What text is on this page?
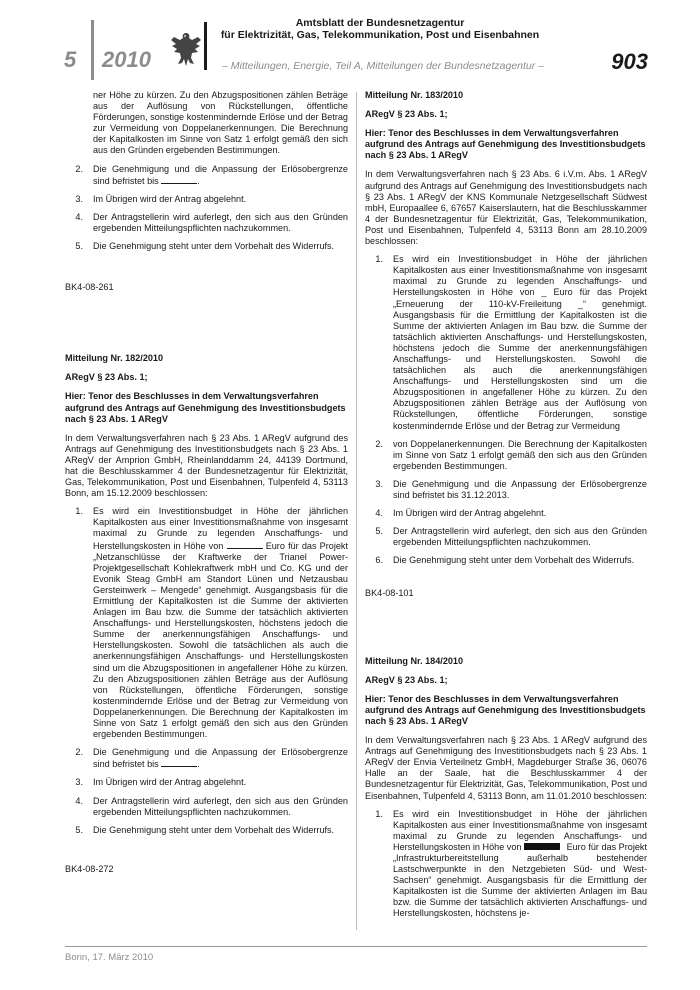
5 2010
Amtsblatt der Bundesnetzagentur
für Elektrizität, Gas, Telekommunikation, Post und Eisenbahnen
– Mitteilungen, Energie, Teil A, Mitteilungen der Bundesnetzagentur –	903

ner Höhe zu kürzen. Zu den Abzugspositionen zählen Beträge aus der Auflösung von Rückstellungen, öffentliche Förderungen, sonstige kostenmindernde Erlöse und der Betrag zur Vermeidung von Doppelanerkennungen. Die Berechnung der Kapitalkosten im Sinne von Satz 1 erfolgt gemäß den sich aus den Gründen ergebenden Bestimmungen.

2. Die Genehmigung und die Anpassung der Erlösobergrenze sind befristet bis	.
3. Im Übrigen wird der Antrag abgelehnt.
4. Der Antragstellerin wird auferlegt, den sich aus den Gründen ergebenden Mitteilungspflichten nachzukommen.
5. Die Genehmigung steht unter dem Vorbehalt des Widerrufs.

BK4-08-261

Mitteilung Nr. 182/2010

ARegV § 23 Abs. 1;

Hier: Tenor des Beschlusses in dem Verwaltungsverfahren aufgrund des Antrags auf Genehmigung des Investitionsbudgets nach § 23 Abs. 1 ARegV

In dem Verwaltungsverfahren nach § 23 Abs. 1 ARegV aufgrund des Antrags auf Genehmigung des Investitionsbudgets nach § 23 Abs. 1 ARegV der Amprion GmbH, Rheinlanddamm 24, 44139 Dortmund, hat die Beschlusskammer 4 der Bundesnetzagentur für Elektrizität, Gas, Telekommunikation, Post und Eisenbahnen, Tulpenfeld 4, 53113 Bonn, am 15.12.2009 beschlossen:

1. Es wird ein Investitionsbudget in Höhe der jährlichen Kapitalkosten aus einer Investitionsmaßnahme von insgesamt maximal zu Grunde zu legenden Anschaffungs- und Herstellungskosten in Höhe von	Euro für das Projekt „Netzanschlüsse der Kraftwerke der Trianel Power-Projektgesellschaft Kohlekraftwerk mbH und Co. KG und der Evonik Steag GmbH am Standort Lünen und Netzausbau Gersteinwerk – Mengede“ genehmigt. Ausgangsbasis für die Ermittlung der Kapitalkosten ist die Summe der aktivierten Anlagen im Bau bzw. die Summe der tatsächlich aktivierten Anschaffungs- und Herstellungskosten, höchstens jedoch die Summe der anerkennungsfähigen Anschaffungs- und Herstellungskosten. Sowohl die tatsächlichen als auch die anerkennungsfähigen Anschaffungs- und Herstellungskosten sind um die Abzugspositionen in angefallener Höhe zu kürzen. Zu den Abzugspositionen zählen Beträge aus der Auflösung von Rückstellungen, öffentliche Förderungen, sonstige kostenmindernde Erlöse und der Betrag zur Vermeidung von Doppelanerkennungen. Die Berechnung der Kapitalkosten im Sinne von Satz 1 erfolgt gemäß den sich aus den Gründen ergebenden Bestimmungen.
2. Die Genehmigung und die Anpassung der Erlösobergrenze sind befristet bis	.
3. Im Übrigen wird der Antrag abgelehnt.
4. Der Antragstellerin wird auferlegt, den sich aus den Gründen ergebenden Mitteilungspflichten nachzukommen.
5. Die Genehmigung steht unter dem Vorbehalt des Widerrufs.

BK4-08-272

Mitteilung Nr. 183/2010

ARegV § 23 Abs. 1;

Hier: Tenor des Beschlusses in dem Verwaltungsverfahren aufgrund des Antrags auf Genehmigung des Investitionsbudgets nach § 23 Abs. 1 ARegV

In dem Verwaltungsverfahren nach § 23 Abs. 6 i.V.m. Abs. 1 ARegV aufgrund des Antrags auf Genehmigung des Investitionsbudgets nach § 23 Abs. 1 ARegV der KNS Kommunale Netzgesellschaft Südwest mbH, Europaallee 6, 67657 Kaiserslautern, hat die Beschlusskammer 4 der Bundesnetzagentur für Elektrizität, Gas, Telekommunikation, Post und Eisenbahnen, Tulpenfeld 4, 53113 Bonn am 28.10.2009 beschlossen:

1. Es wird ein Investitionsbudget in Höhe der jährlichen Kapitalkosten aus einer Investitionsmaßnahme von insgesamt maximal zu Grunde zu legenden Anschaffungs- und Herstellungskosten in Höhe von _ Euro für das Projekt „Erneuerung der 110-kV-Freileitung _“ genehmigt. Ausgangsbasis für die Ermittlung der Kapitalkosten ist die Summe der aktivierten Anlagen im Bau bzw. die Summe der tatsächlich aktivierten Anschaffungs- und Herstellungskosten, höchstens jedoch die Summe der anerkennungsfähigen Anschaffungs- und Herstellungskosten. Sowohl die tatsächlichen als auch die anerkennungsfähigen Anschaffungs- und Herstellungskosten sind um die Abzugspositionen in angefallener Höhe zu kürzen. Zu den Abzugspositionen zählen Beträge aus der Auflösung von Rückstellungen, öffentliche Förderungen, sonstige kostenmindernde Erlöse und der Betrag zur Vermeidung
2. von Doppelanerkennungen. Die Berechnung der Kapitalkosten im Sinne von Satz 1 erfolgt gemäß den sich aus den Gründen ergebenden Bestimmungen.
3. Die Genehmigung und die Anpassung der Erlösobergrenze sind befristet bis 31.12.2013.
4. Im Übrigen wird der Antrag abgelehnt.
5. Der Antragstellerin wird auferlegt, den sich aus den Gründen ergebenden Mitteilungspflichten nachzukommen.
6. Die Genehmigung steht unter dem Vorbehalt des Widerrufs.

BK4-08-101

Mitteilung Nr. 184/2010

ARegV § 23 Abs. 1;

Hier: Tenor des Beschlusses in dem Verwaltungsverfahren aufgrund des Antrags auf Genehmigung des Investitionsbudgets nach § 23 Abs. 1 ARegV

In dem Verwaltungsverfahren nach § 23 Abs. 1 ARegV aufgrund des Antrags auf Genehmigung des Investitionsbudgets nach § 23 Abs. 1 ARegV der Envia Verteilnetz GmbH, Magdeburger Straße 36, 06076 Halle an der Saale, hat die Beschlusskammer 4 der Bundesnetzagentur für Elektrizität, Gas, Telekommunikation, Post und Eisenbahnen, Tulpenfeld 4, 53113 Bonn, am 11.01.2010 beschlossen:

1. Es wird ein Investitionsbudget in Höhe der jährlichen Kapitalkosten aus einer Investitionsmaßnahme von insgesamt maximal zu Grunde zu legenden Anschaffungs- und Herstellungskosten in Höhe von	Euro für das Projekt „Infrastrukturbereitstellung außerhalb bestehender Lastschwerpunkte in den Netzgebieten Süd- und West-Sachsen“ genehmigt. Ausgangsbasis für die Ermittlung der Kapitalkosten ist die Summe der aktivierten Anlagen im Bau bzw. die Summe der tatsächlich aktivierten Anschaffungs- und Herstellungskosten, höchstens je-
Bonn, 17. März 2010
